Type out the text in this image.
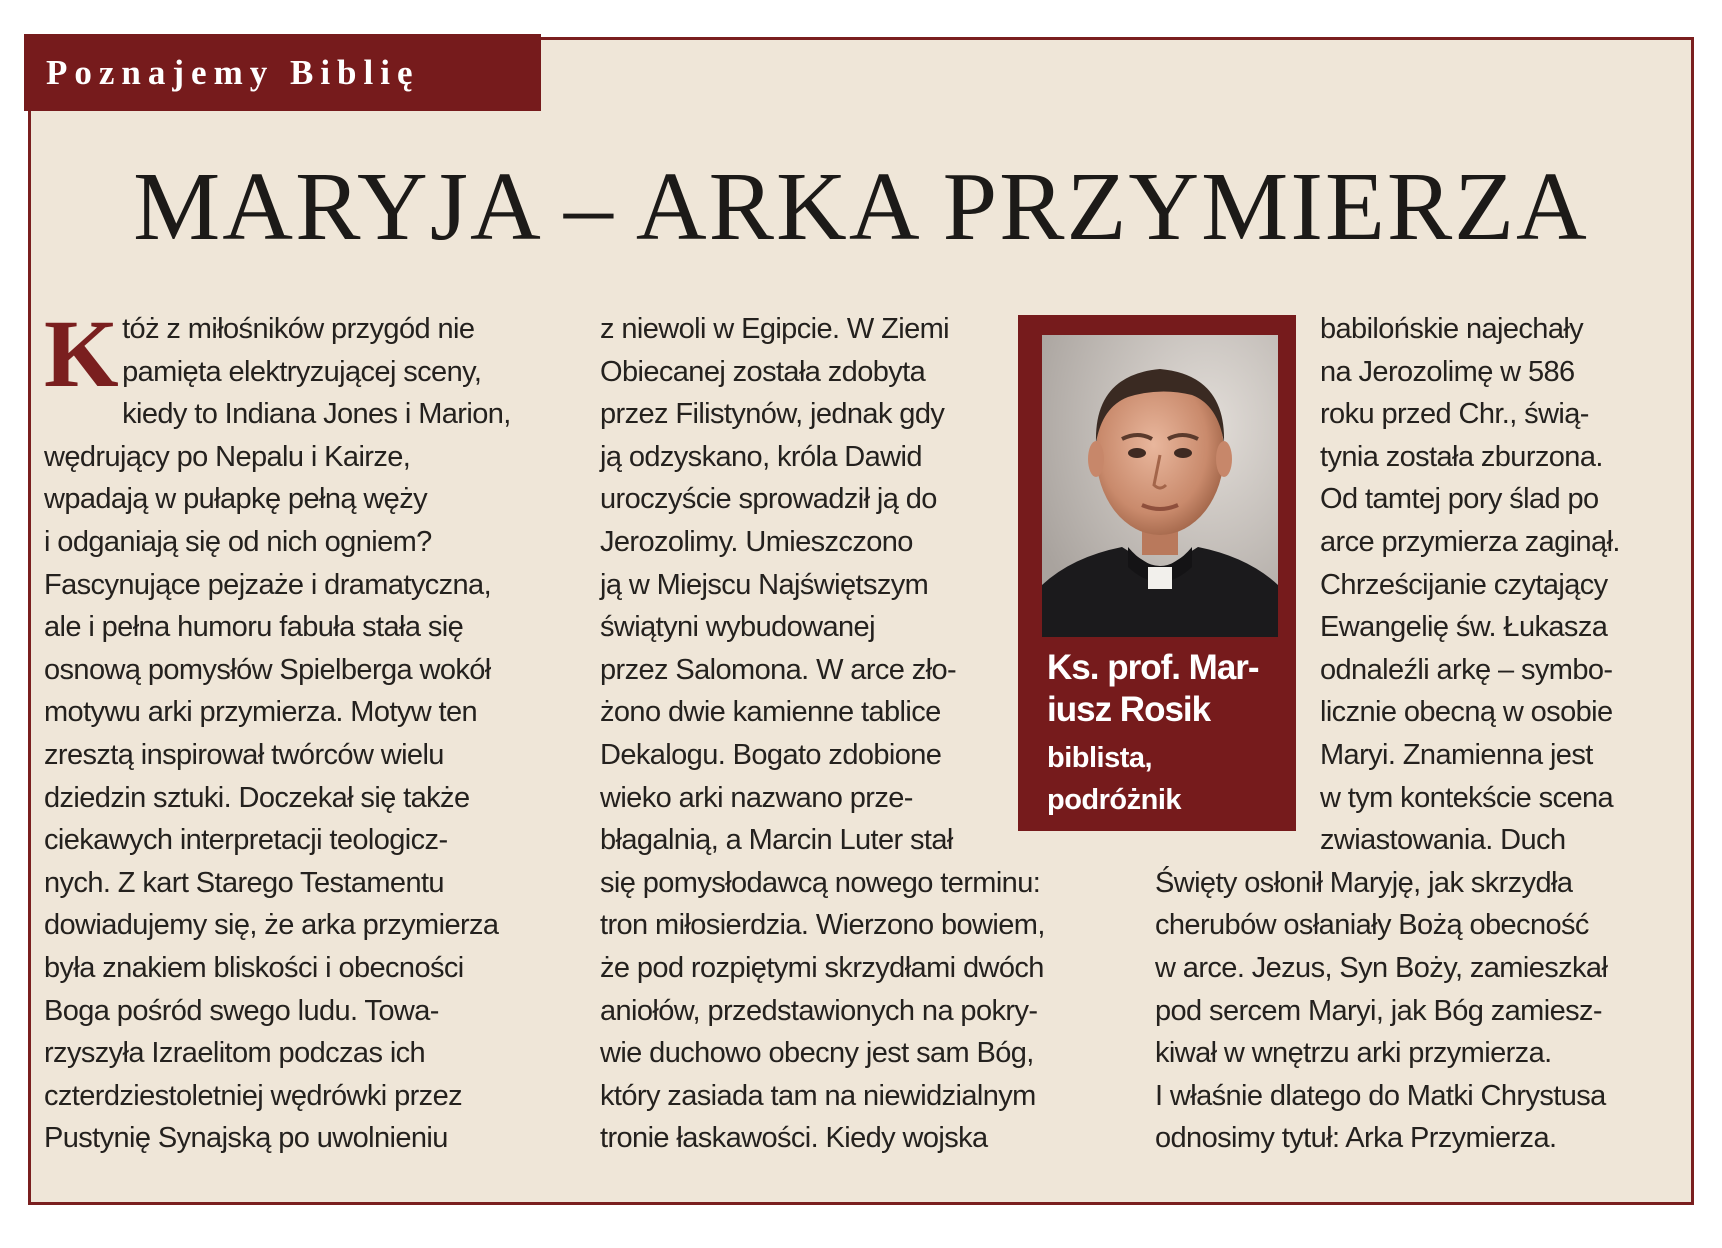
Poznajemy Biblię
MARYJA – ARKA PRZYMIERZA
K tóż z miłośników przygód nie
pamięta elektryzującej sceny,
kiedy to Indiana Jones i Marion,
wędrujący po Nepalu i Kairze,
wpadają w pułapkę pełną węży
i odganiają się od nich ogniem?
Fascynujące pejzaże i dramatyczna,
ale i pełna humoru fabuła stała się
osnową pomysłów Spielberga wokół
motywu arki przymierza. Motyw ten
zresztą inspirował twórców wielu
dziedzin sztuki. Doczekał się także
ciekawych interpretacji teologicz-
nych. Z kart Starego Testamentu
dowiadujemy się, że arka przymierza
była znakiem bliskości i obecności
Boga pośród swego ludu. Towa-
rzyszyła Izraelitom podczas ich
czterdziestoletniej wędrówki przez
Pustynię Synajską po uwolnieniu
z niewoli w Egipcie. W Ziemi
Obiecanej została zdobyta
przez Filistynów, jednak gdy
ją odzyskano, króla Dawid
uroczyście sprowadził ją do
Jerozolimy. Umieszczono
ją w Miejscu Najświętszym
świątyni wybudowanej
przez Salomona. W arce zło-
żono dwie kamienne tablice
Dekalogu. Bogato zdobione
wieko arki nazwano prze-
błagalnią, a Marcin Luter stał
się pomysłodawcą nowego terminu:
tron miłosierdzia. Wierzono bowiem,
że pod rozpiętymi skrzydłami dwóch
aniołów, przedstawionych na pokry-
wie duchowo obecny jest sam Bóg,
który zasiada tam na niewidzialnym
tronie łaskawości. Kiedy wojska
Ks. prof. Mar-
iusz Rosik
biblista,
podróżnik
babilońskie najechały
na Jerozolimę w 586
roku przed Chr., świą-
tynia została zburzona.
Od tamtej pory ślad po
arce przymierza zaginął.
Chrześcijanie czytający
Ewangelię św. Łukasza
odnaleźli arkę – symbo-
licznie obecną w osobie
Maryi. Znamienna jest
w tym kontekście scena
zwiastowania. Duch
Święty osłonił Maryję, jak skrzydła
cherubów osłaniały Bożą obecność
w arce. Jezus, Syn Boży, zamieszkał
pod sercem Maryi, jak Bóg zamiesz-
kiwał w wnętrzu arki przymierza.
I właśnie dlatego do Matki Chrystusa
odnosimy tytuł: Arka Przymierza.
